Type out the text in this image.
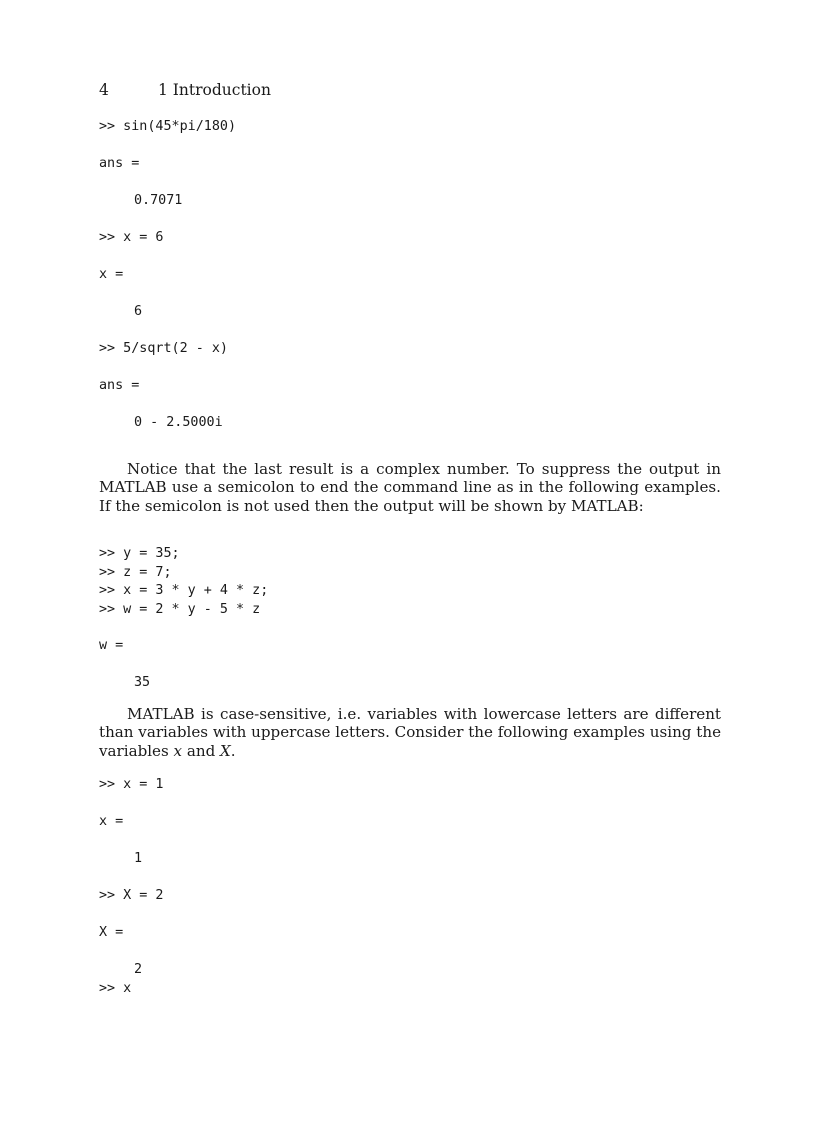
4	1 Introduction
>> sin(45*pi/180)
ans =
0.7071
>> x = 6
x =
6
>> 5/sqrt(2 - x)
ans =
0 - 2.5000i
Notice that the last result is a complex number. To suppress the output in MATLAB use a semicolon to end the command line as in the following examples. If the semicolon is not used then the output will be shown by MATLAB:
>> y = 35;
>> z = 7;
>> x = 3 * y + 4 * z;
>> w = 2 * y - 5 * z
w =
35
MATLAB is case-sensitive, i.e. variables with lowercase letters are different than variables with uppercase letters. Consider the following examples using the variables x and X.
>> x = 1
x =
1
>> X = 2
X =
2
>> x
